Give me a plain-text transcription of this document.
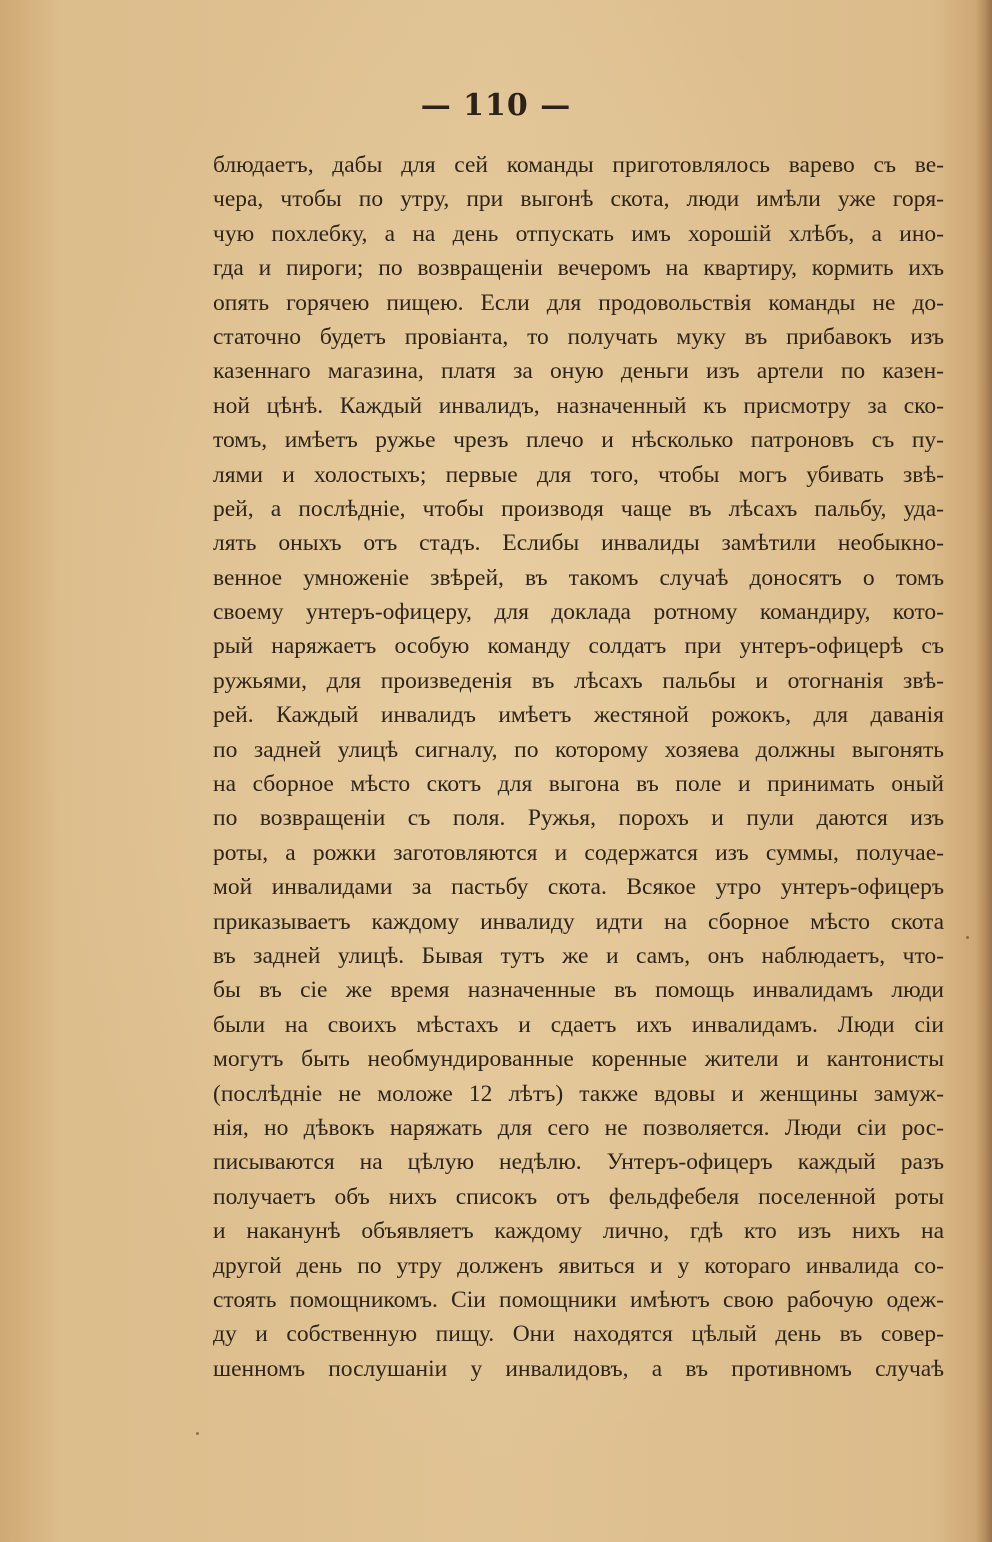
— 110 —
блюдаетъ, дабы для сей команды приготовлялось варево съ ве-
чера, чтобы по утру, при выгонѣ скота, люди имѣли уже горя-
чую похлебку, а на день отпускать имъ хорошій хлѣбъ, а ино-
гда и пироги; по возвращеніи вечеромъ на квартиру, кормить ихъ
опять горячею пищею. Если для продовольствія команды не до-
статочно будетъ провіанта, то получать муку въ прибавокъ изъ
казеннаго магазина, платя за оную деньги изъ артели по казен-
ной цѣнѣ. Каждый инвалидъ, назначенный къ присмотру за ско-
томъ, имѣетъ ружье чрезъ плечо и нѣсколько патроновъ съ пу-
лями и холостыхъ; первые для того, чтобы могъ убивать звѣ-
рей, а послѣдніе, чтобы производя чаще въ лѣсахъ пальбу, уда-
лять оныхъ отъ стадъ. Еслибы инвалиды замѣтили необыкно-
венное умноженіе звѣрей, въ такомъ случаѣ доносятъ о томъ
своему унтеръ-офицеру, для доклада ротному командиру, кото-
рый наряжаетъ особую команду солдатъ при унтеръ-офицерѣ съ
ружьями, для произведенія въ лѣсахъ пальбы и отогнанія звѣ-
рей. Каждый инвалидъ имѣетъ жестяной рожокъ, для даванія
по задней улицѣ сигналу, по которому хозяева должны выгонять
на сборное мѣсто скотъ для выгона въ поле и принимать оный
по возвращеніи съ поля. Ружья, порохъ и пули даются изъ
роты, а рожки заготовляются и содержатся изъ суммы, получае-
мой инвалидами за пастьбу скота. Всякое утро унтеръ-офицеръ
приказываетъ каждому инвалиду идти на сборное мѣсто скота
въ задней улицѣ. Бывая тутъ же и самъ, онъ наблюдаетъ, что-
бы въ сіе же время назначенные въ помощь инвалидамъ люди
были на своихъ мѣстахъ и сдаетъ ихъ инвалидамъ. Люди сіи
могутъ быть необмундированные коренные жители и кантонисты
(послѣдніе не моложе 12 лѣтъ) также вдовы и женщины замуж-
нія, но дѣвокъ наряжать для сего не позволяется. Люди сіи рос-
писываются на цѣлую недѣлю. Унтеръ-офицеръ каждый разъ
получаетъ объ нихъ списокъ отъ фельдфебеля поселенной роты
и наканунѣ объявляетъ каждому лично, гдѣ кто изъ нихъ на
другой день по утру долженъ явиться и у котораго инвалида со-
стоять помощникомъ. Сіи помощники имѣютъ свою рабочую одеж-
ду и собственную пищу. Они находятся цѣлый день въ совер-
шенномъ послушаніи у инвалидовъ, а въ противномъ случаѣ
